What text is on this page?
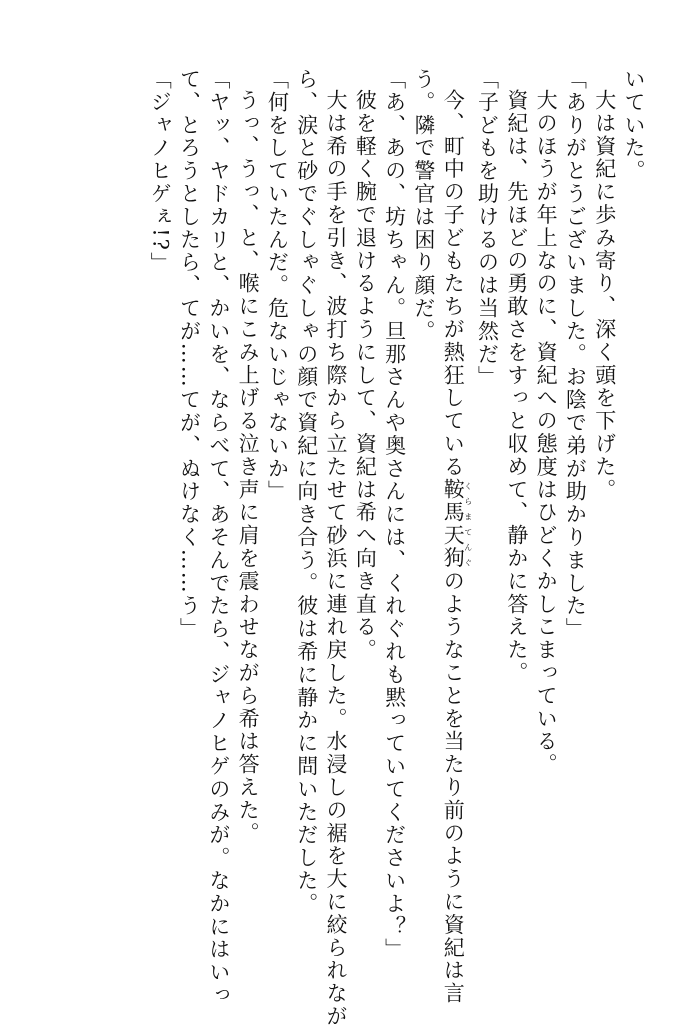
いていた。

大は資紀に歩み寄り、深く頭を下げた。

「ありがとうございました。お陰で弟が助かりました」

大のほうが年上なのに、資紀への態度はひどくかしこまっている。

資紀は、先ほどの勇敢さをすっと収めて、静かに答えた。

「子どもを助けるのは当然だ」

今、町中の子どもたちが熱狂している鞍馬天狗くらまてんぐのようなことを当たり前のように資紀は言

う。隣で警官は困り顔だ。

「あ、あの、坊ちゃん。旦那さんや奥さんには、くれぐれも黙っていてくださいよ？」

彼を軽く腕で退けるようにして、資紀は希へ向き直る。

大は希の手を引き、波打ち際から立たせて砂浜に連れ戻した。水浸しの裾を大に絞られなが

ら、涙と砂でぐしゃぐしゃの顔で資紀に向き合う。彼は希に静かに問いただした。

「何をしていたんだ。危ないじゃないか」

うっ、うっ、と、喉にこみ上げる泣き声に肩を震わせながら希は答えた。

「ヤッ、ヤドカリと、かいを、ならべて、あそんでたら、ジャノヒゲのみが。なかにはいっ

て、とろうとしたら、てが……てが、ぬけなく……う」

「ジャノヒゲぇ!?」
